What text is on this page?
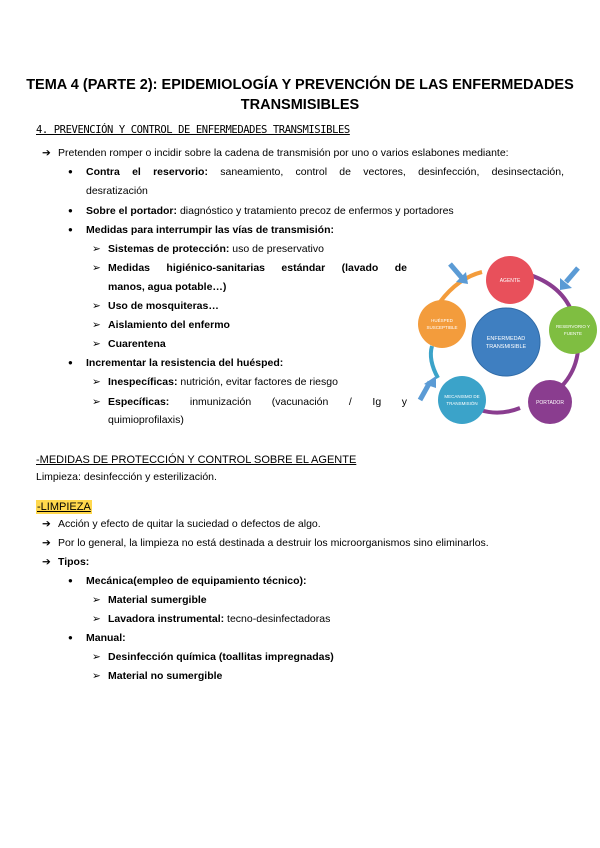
TEMA 4 (PARTE 2): EPIDEMIOLOGÍA Y PREVENCIÓN DE LAS ENFERMEDADES
TRANSMISIBLES
4. PREVENCIÓN Y CONTROL DE ENFERMEDADES TRANSMISIBLES
➔ Pretenden romper o incidir sobre la cadena de transmisión por uno o varios eslabones mediante:
● Contra el reservorio: saneamiento, control de vectores, desinfección, desinsectación,
desratización
● Sobre el portador: diagnóstico y tratamiento precoz de enfermos y portadores
● Medidas para interrumpir las vías de transmisión:
➢ Sistemas de protección: uso de preservativo
➢ Medidas higiénico-sanitarias estándar (lavado de
manos, agua potable…)
➢ Uso de mosquiteras…
➢ Aislamiento del enfermo
➢ Cuarentena
● Incrementar la resistencia del huésped:
➢ Inespecíficas: nutrición, evitar factores de riesgo
➢ Específicas: inmunización (vacunación / Ig y
quimioprofilaxis)
ENFERMEDAD
TRANSMISIBLE
AGENTE
RESERVORIO Y
FUENTE
PORTADOR
MECANISMO DE
TRANSMISIÓN
HUÉSPED
SUSCEPTIBLE
-MEDIDAS DE PROTECCIÓN Y CONTROL SOBRE EL AGENTE
Limpieza: desinfección y esterilización.
-LIMPIEZA
➔ Acción y efecto de quitar la suciedad o defectos de algo.
➔ Por lo general, la limpieza no está destinada a destruir los microorganismos sino eliminarlos.
➔ Tipos:
● Mecánica(empleo de equipamiento técnico):
➢ Material sumergible
➢ Lavadora instrumental: tecno-desinfectadoras
● Manual:
➢ Desinfección química (toallitas impregnadas)
➢ Material no sumergible
